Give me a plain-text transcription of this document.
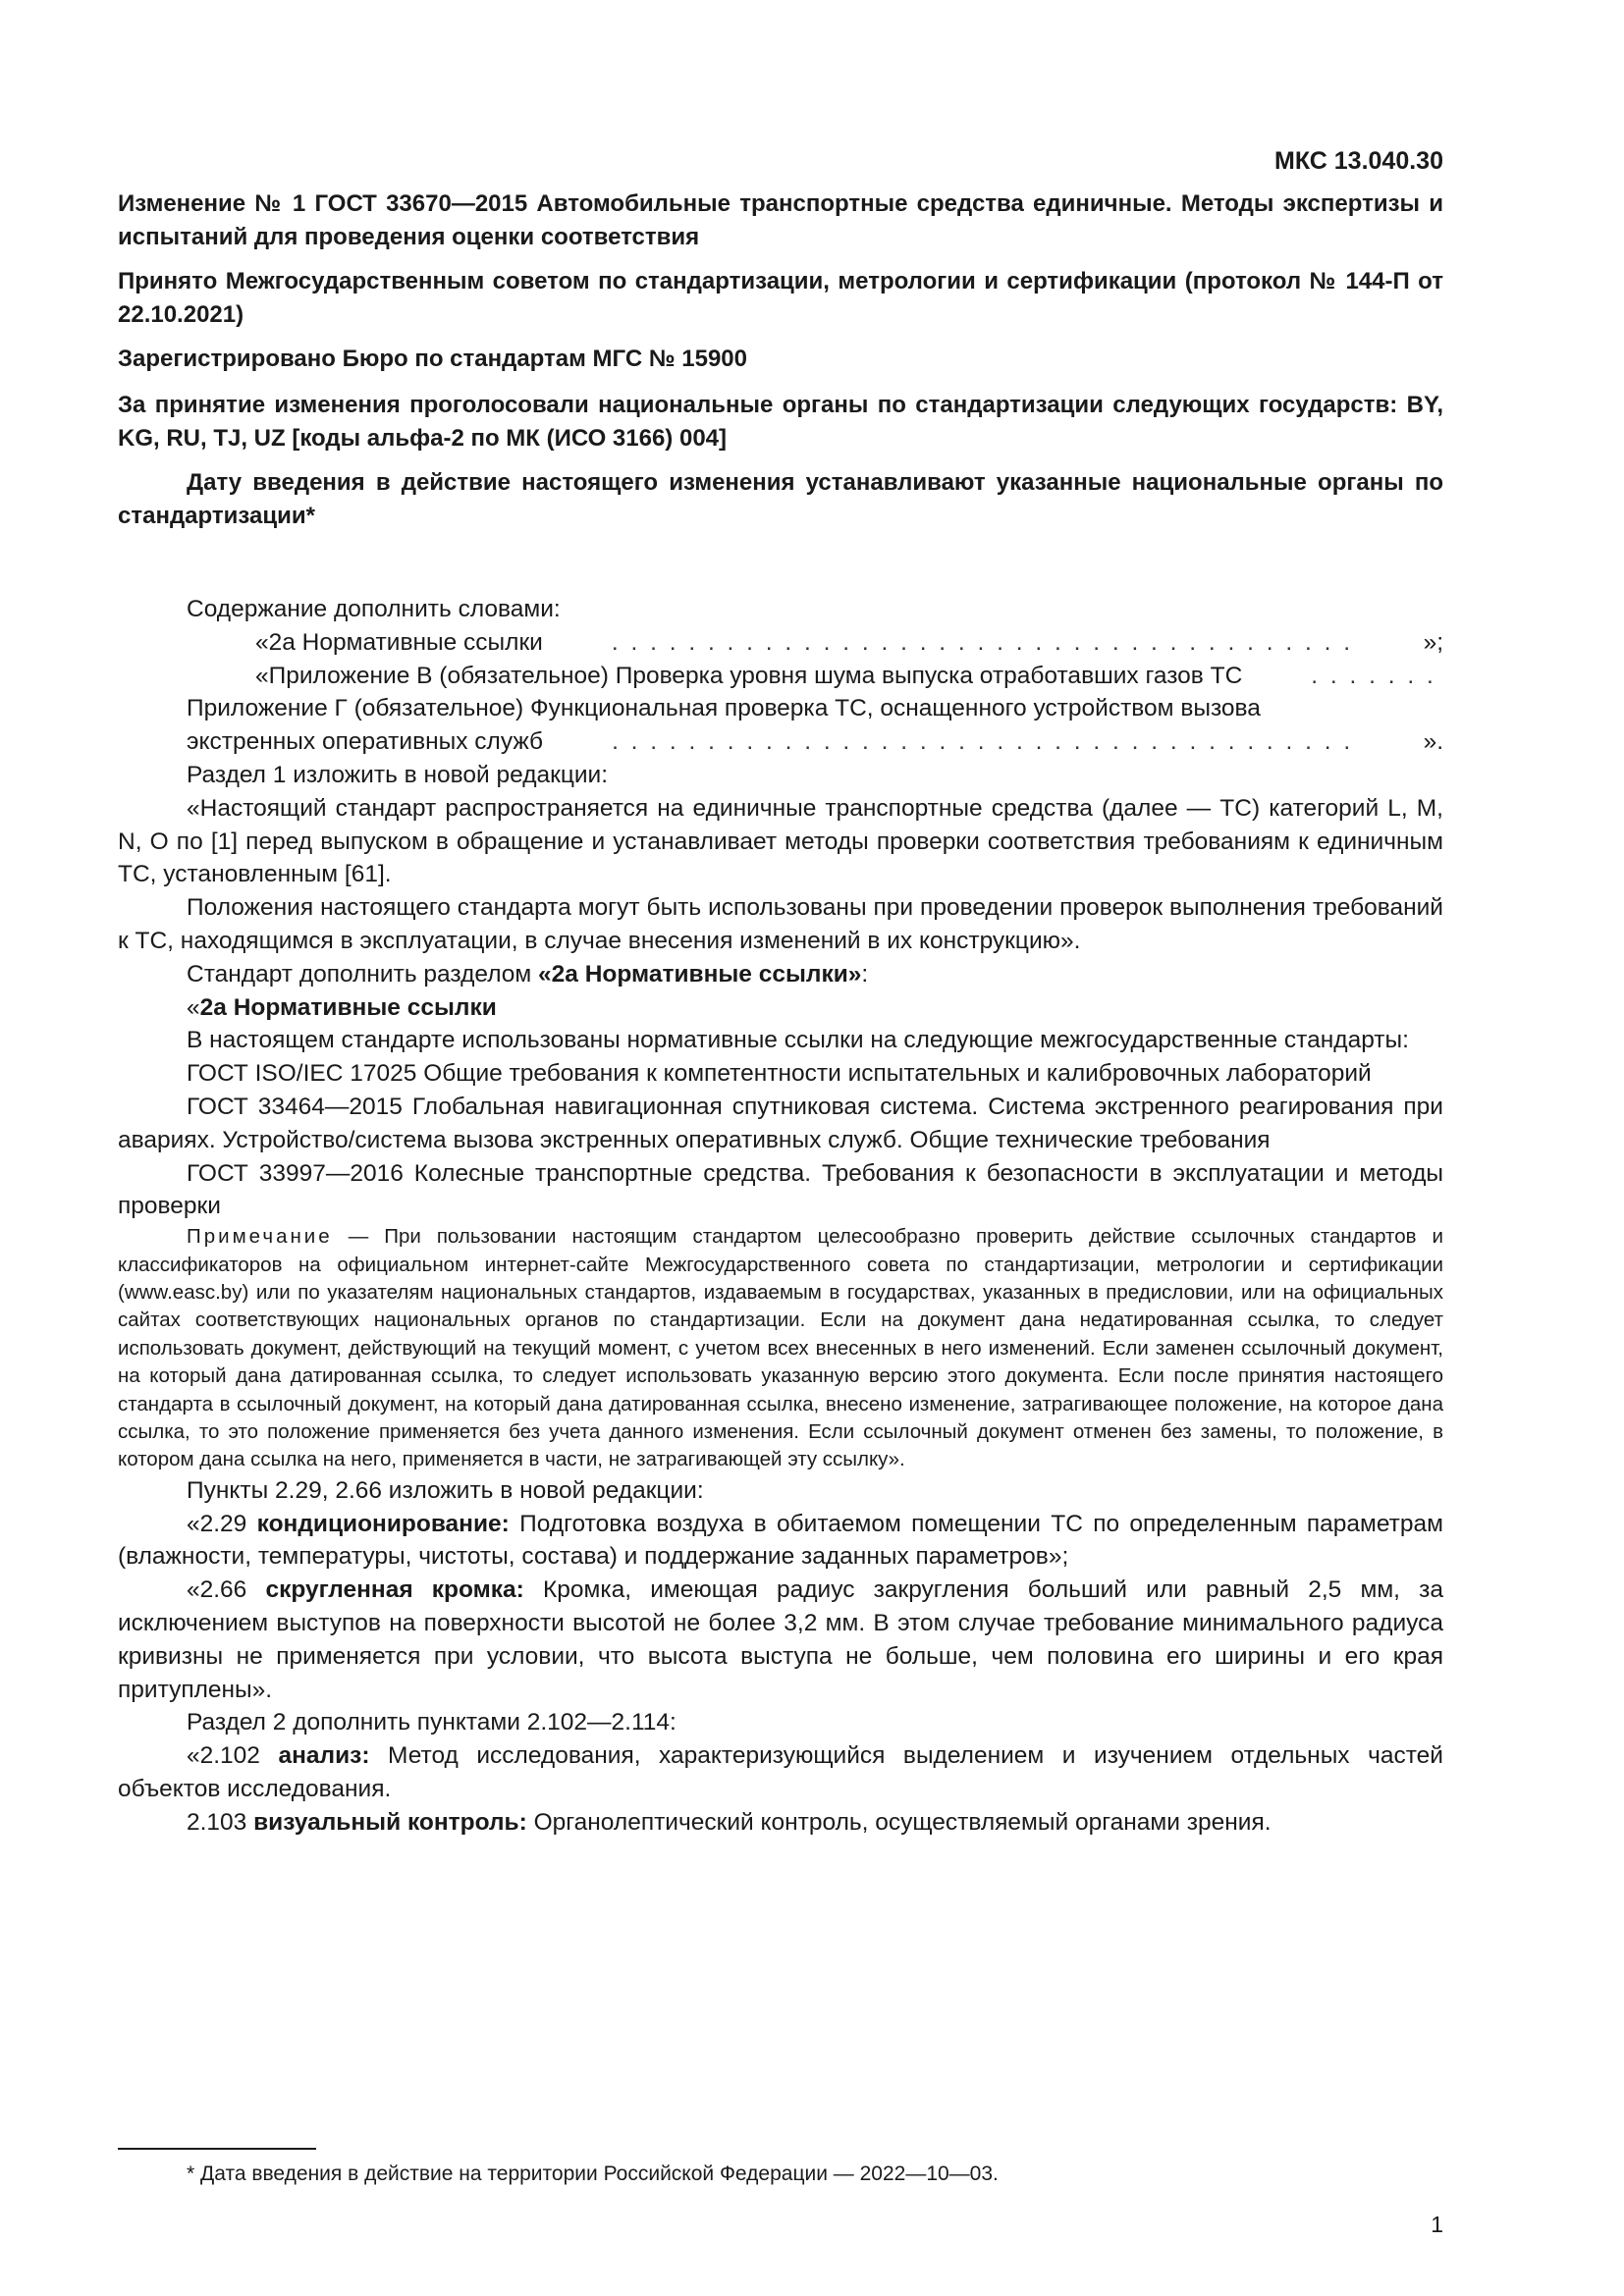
МКС 13.040.30
Изменение № 1 ГОСТ 33670—2015 Автомобильные транспортные средства единичные. Методы экспертизы и испытаний для проведения оценки соответствия
Принято Межгосударственным советом по стандартизации, метрологии и сертификации (протокол № 144-П от 22.10.2021)
Зарегистрировано Бюро по стандартам МГС № 15900
За принятие изменения проголосовали национальные органы по стандартизации следующих государств: BY, KG, RU, TJ, UZ [коды альфа-2 по МК (ИСО 3166) 004]
Дату введения в действие настоящего изменения устанавливают указанные национальные органы по стандартизации*

Содержание дополнить словами:

«2а Нормативные ссылки . . .	»;

«Приложение В (обязательное) Проверка уровня шума выпуска отработавших газов ТС
. . .

Приложение Г (обязательное) Функциональная проверка ТС, оснащенного устройством вызова

экстренных оперативных служб . . .	».

Раздел 1 изложить в новой редакции:

«Настоящий стандарт распространяется на единичные транспортные средства (далее — ТС) категорий L, M, N, O по [1] перед выпуском в обращение и устанавливает методы проверки соответствия требованиям к единичным ТС, установленным [61].

Положения настоящего стандарта могут быть использованы при проведении проверок выполнения требований к ТС, находящимся в эксплуатации, в случае внесения изменений в их конструкцию».

Стандарт дополнить разделом «2а Нормативные ссылки»:

«2а Нормативные ссылки

В настоящем стандарте использованы нормативные ссылки на следующие межгосударственные стандарты:

ГОСТ ISO/IEC 17025 Общие требования к компетентности испытательных и калибровочных лабораторий

ГОСТ 33464—2015 Глобальная навигационная спутниковая система. Система экстренного реагирования при авариях. Устройство/система вызова экстренных оперативных служб. Общие технические требования

ГОСТ 33997—2016 Колесные транспортные средства. Требования к безопасности в эксплуатации и методы проверки

Примечание — При пользовании настоящим стандартом целесообразно проверить действие ссылочных стандартов и классификаторов на официальном интернет-сайте Межгосударственного совета по стандартизации, метрологии и сертификации (www.easc.by) или по указателям национальных стандартов, издаваемым в государствах, указанных в предисловии, или на официальных сайтах соответствующих национальных органов по стандартизации. Если на документ дана недатированная ссылка, то следует использовать документ, действующий на текущий момент, с учетом всех внесенных в него изменений. Если заменен ссылочный документ, на который дана датированная ссылка, то следует использовать указанную версию этого документа. Если после принятия настоящего стандарта в ссылочный документ, на который дана датированная ссылка, внесено изменение, затрагивающее положение, на которое дана ссылка, то это положение применяется без учета данного изменения. Если ссылочный документ отменен без замены, то положение, в котором дана ссылка на него, применяется в части, не затрагивающей эту ссылку».

Пункты 2.29, 2.66 изложить в новой редакции:

«2.29 кондиционирование: Подготовка воздуха в обитаемом помещении ТС по определенным параметрам (влажности, температуры, чистоты, состава) и поддержание заданных параметров»;

«2.66 скругленная кромка: Кромка, имеющая радиус закругления больший или равный 2,5 мм, за исключением выступов на поверхности высотой не более 3,2 мм. В этом случае требование минимального радиуса кривизны не применяется при условии, что высота выступа не больше, чем половина его ширины и его края притуплены».

Раздел 2 дополнить пунктами 2.102—2.114:

«2.102 анализ: Метод исследования, характеризующийся выделением и изучением отдельных частей объектов исследования.

2.103 визуальный контроль: Органолептический контроль, осуществляемый органами зрения.

* Дата введения в действие на территории Российской Федерации — 2022—10—03.
1
